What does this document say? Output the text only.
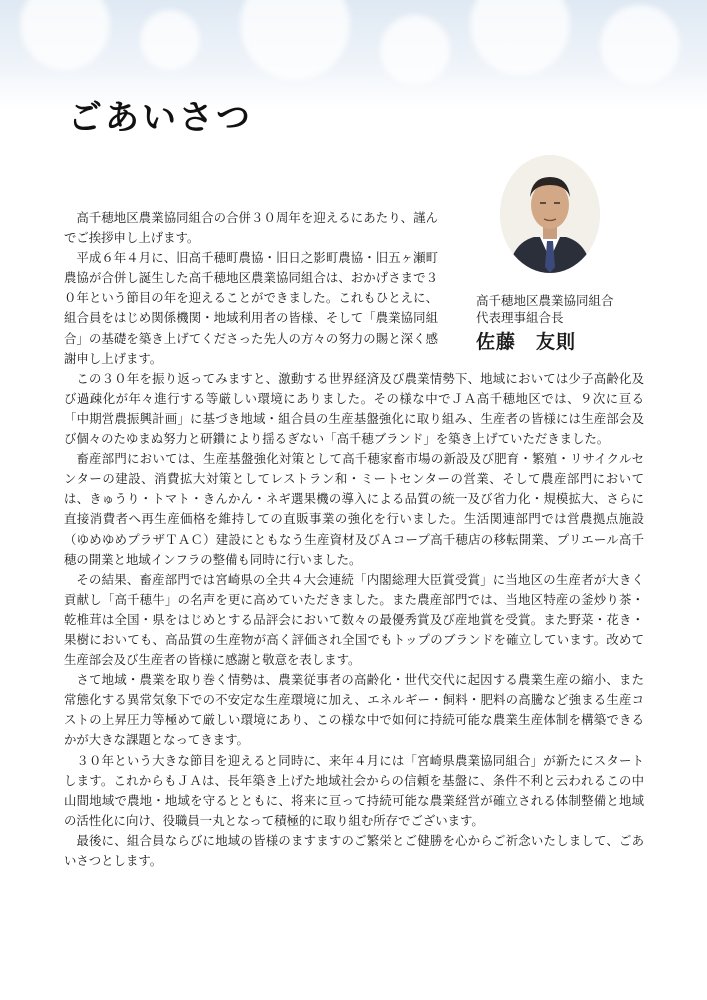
ごあいさつ
高千穂地区農業協同組合
代表理事組合長
佐藤　友則

高千穂地区農業協同組合の合併３０周年を迎えるにあたり、謹んでご挨拶申し上げます。

平成６年４月に、旧高千穂町農協・旧日之影町農協・旧五ヶ瀬町農協が合併し誕生した高千穂地区農業協同組合は、おかげさまで３０年という節目の年を迎えることができました。これもひとえに、組合員をはじめ関係機関・地域利用者の皆様、そして「農業協同組合」の基礎を築き上げてくださった先人の方々の努力の賜と深く感謝申し上げます。

この３０年を振り返ってみますと、激動する世界経済及び農業情勢下、地域においては少子高齢化及び過疎化が年々進行する等厳しい環境にありました。その様な中でＪＡ高千穂地区では、９次に亘る「中期営農振興計画」に基づき地域・組合員の生産基盤強化に取り組み、生産者の皆様には生産部会及び個々のたゆまぬ努力と研鑽により揺るぎない「高千穂ブランド」を築き上げていただきました。

畜産部門においては、生産基盤強化対策として高千穂家畜市場の新設及び肥育・繁殖・リサイクルセンターの建設、消費拡大対策としてレストラン和・ミートセンターの営業、そして農産部門においては、きゅうり・トマト・きんかん・ネギ選果機の導入による品質の統一及び省力化・規模拡大、さらに直接消費者へ再生産価格を維持しての直販事業の強化を行いました。生活関連部門では営農拠点施設（ゆめゆめプラザＴＡＣ）建設にともなう生産資材及びＡコープ高千穂店の移転開業、プリエール高千穂の開業と地域インフラの整備も同時に行いました。

その結果、畜産部門では宮崎県の全共４大会連続「内閣総理大臣賞受賞」に当地区の生産者が大きく貢献し「高千穂牛」の名声を更に高めていただきました。また農産部門では、当地区特産の釜炒り茶・乾椎茸は全国・県をはじめとする品評会において数々の最優秀賞及び産地賞を受賞。また野菜・花き・果樹においても、高品質の生産物が高く評価され全国でもトップのブランドを確立しています。改めて生産部会及び生産者の皆様に感謝と敬意を表します。

さて地域・農業を取り巻く情勢は、農業従事者の高齢化・世代交代に起因する農業生産の縮小、また常態化する異常気象下での不安定な生産環境に加え、エネルギー・飼料・肥料の高騰など強まる生産コストの上昇圧力等極めて厳しい環境にあり、この様な中で如何に持続可能な農業生産体制を構築できるかが大きな課題となってきます。

３０年という大きな節目を迎えると同時に、来年４月には「宮崎県農業協同組合」が新たにスタートします。これからもＪＡは、長年築き上げた地域社会からの信頼を基盤に、条件不利と云われるこの中山間地域で農地・地域を守るとともに、将来に亘って持続可能な農業経営が確立される体制整備と地域の活性化に向け、役職員一丸となって積極的に取り組む所存でございます。

最後に、組合員ならびに地域の皆様のますますのご繁栄とご健勝を心からご祈念いたしまして、ごあいさつとします。
